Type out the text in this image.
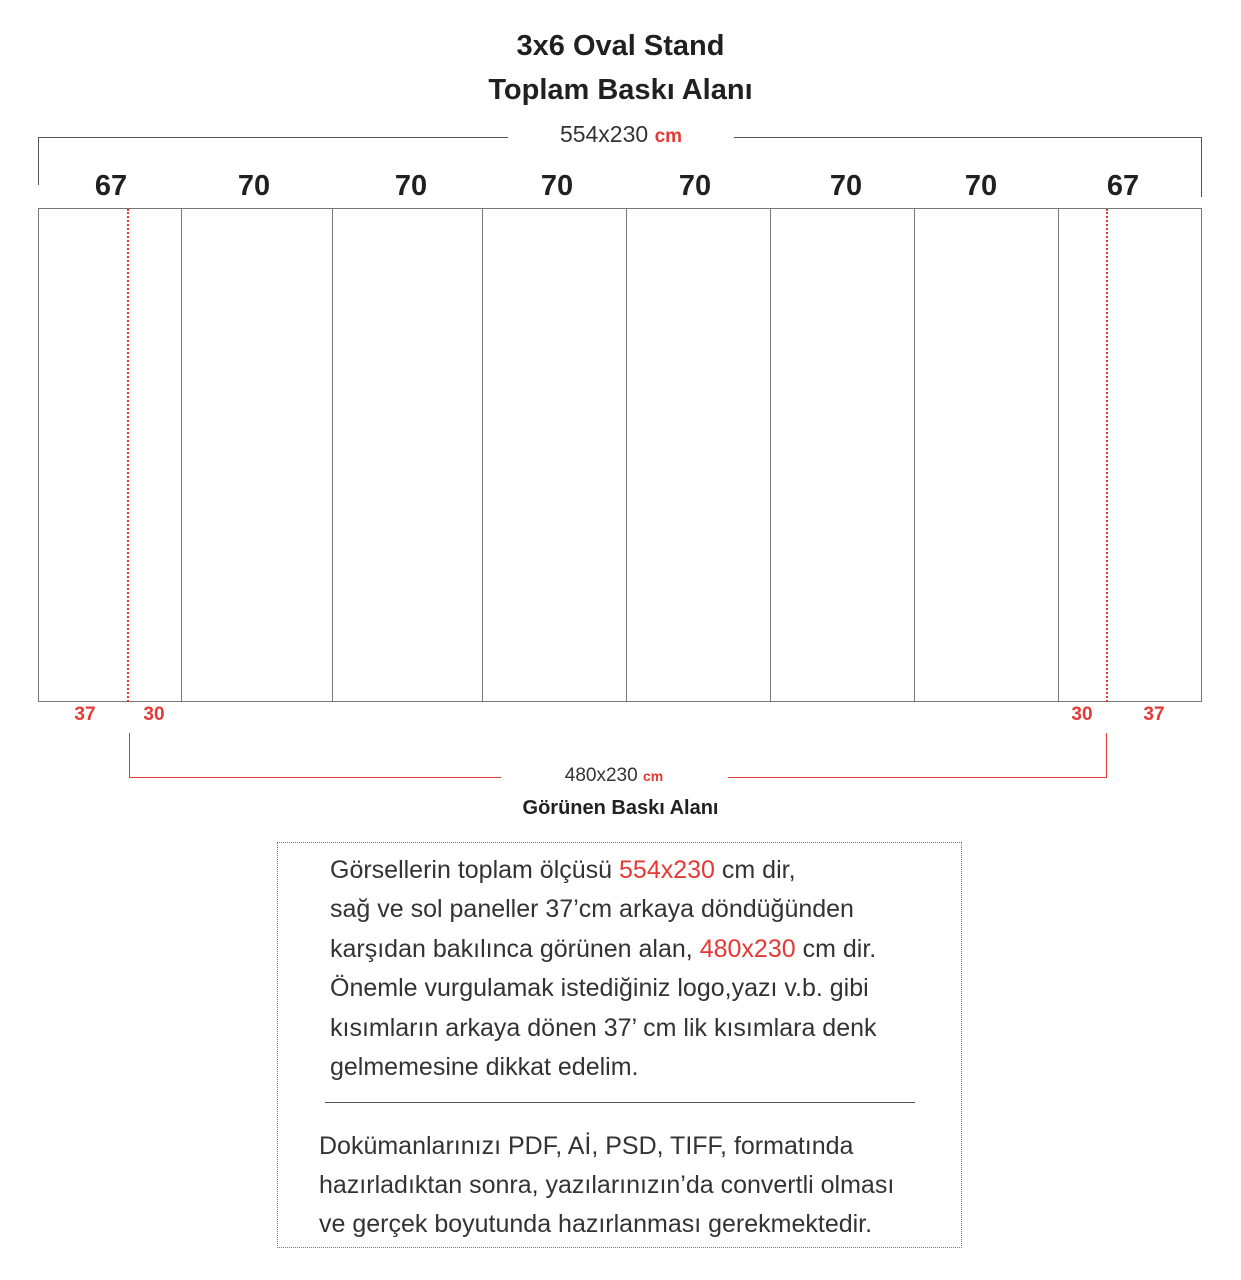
3x6 Oval Stand
Toplam Baskı Alanı
554x230 cm
67	70	70	70	70	70	70	67
37	30	30	37
480x230 cm
Görünen Baskı Alanı
Görsellerin toplam ölçüsü 554x230 cm dir,
sağ ve sol paneller 37’cm arkaya döndüğünden
karşıdan bakılınca görünen alan, 480x230 cm dir.
Önemle vurgulamak istediğiniz logo,yazı v.b. gibi
kısımların arkaya dönen 37’ cm lik kısımlara denk
gelmemesine dikkat edelim.
Dokümanlarınızı PDF, Aİ, PSD, TIFF, formatında
hazırladıktan sonra, yazılarınızın’da convertli olması
ve gerçek boyutunda hazırlanması gerekmektedir.
